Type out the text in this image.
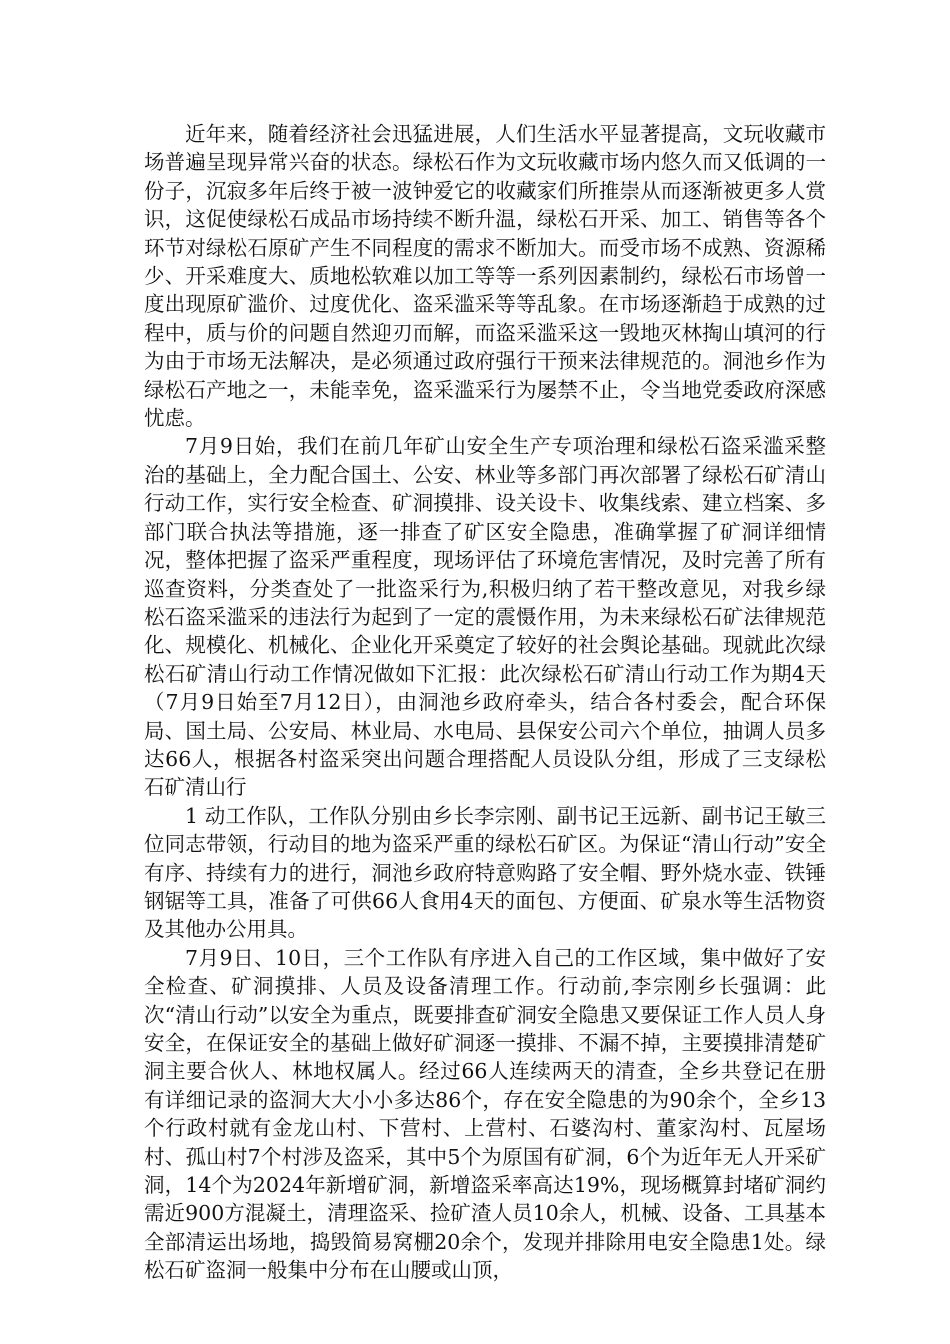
近年来，随着经济社会迅猛进展，人们生活水平显著提高，文玩收藏市场普遍呈现异常兴奋的状态。绿松石作为文玩收藏市场内悠久而又低调的一份子，沉寂多年后终于被一波钟爱它的收藏家们所推崇从而逐渐被更多人赏识，这促使绿松石成品市场持续不断升温，绿松石开采、加工、销售等各个环节对绿松石原矿产生不同程度的需求不断加大。而受市场不成熟、资源稀少、开采难度大、质地松软难以加工等等一系列因素制约，绿松石市场曾一度出现原矿滥价、过度优化、盗采滥采等等乱象。在市场逐渐趋于成熟的过程中，质与价的问题自然迎刃而解，而盗采滥采这一毁地灭林掏山填河的行为由于市场无法解决，是必须通过政府强行干预来法律规范的。洞池乡作为绿松石产地之一，未能幸免，盗采滥采行为屡禁不止，令当地党委政府深感忧虑。

7月9日始，我们在前几年矿山安全生产专项治理和绿松石盗采滥采整治的基础上，全力配合国土、公安、林业等多部门再次部署了绿松石矿清山行动工作，实行安全检查、矿洞摸排、设关设卡、收集线索、建立档案、多部门联合执法等措施，逐一排查了矿区安全隐患，准确掌握了矿洞详细情况，整体把握了盗采严重程度，现场评估了环境危害情况，及时完善了所有巡查资料，分类查处了一批盗采行为,积极归纳了若干整改意见，对我乡绿松石盗采滥采的违法行为起到了一定的震慑作用，为未来绿松石矿法律规范化、规模化、机械化、企业化开采奠定了较好的社会舆论基础。现就此次绿松石矿清山行动工作情况做如下汇报：此次绿松石矿清山行动工作为期4天（7月9日始至7月12日），由洞池乡政府牵头，结合各村委会，配合环保局、国土局、公安局、林业局、水电局、县保安公司六个单位，抽调人员多达66人，根据各村盗采突出问题合理搭配人员设队分组，形成了三支绿松石矿清山行

1 动工作队，工作队分别由乡长李宗刚、副书记王远新、副书记王敏三位同志带领，行动目的地为盗采严重的绿松石矿区。为保证“清山行动”安全有序、持续有力的进行，洞池乡政府特意购路了安全帽、野外烧水壶、铁锤钢锯等工具，准备了可供66人食用4天的面包、方便面、矿泉水等生活物资及其他办公用具。

7月9日、10日，三个工作队有序进入自己的工作区域，集中做好了安全检查、矿洞摸排、人员及设备清理工作。行动前,李宗刚乡长强调：此次“清山行动”以安全为重点，既要排查矿洞安全隐患又要保证工作人员人身安全，在保证安全的基础上做好矿洞逐一摸排、不漏不掉，主要摸排清楚矿洞主要合伙人、林地权属人。经过66人连续两天的清查，全乡共登记在册有详细记录的盗洞大大小小多达86个，存在安全隐患的为90余个，全乡13个行政村就有金龙山村、下营村、上营村、石婆沟村、董家沟村、瓦屋场村、孤山村7个村涉及盗采，其中5个为原国有矿洞，6个为近年无人开采矿洞，14个为2024年新增矿洞，新增盗采率高达19%，现场概算封堵矿洞约需近900方混凝土，清理盗采、捡矿渣人员10余人，机械、设备、工具基本全部清运出场地，捣毁简易窝棚20余个，发现并排除用电安全隐患1处。绿松石矿盗洞一般集中分布在山腰或山顶，
